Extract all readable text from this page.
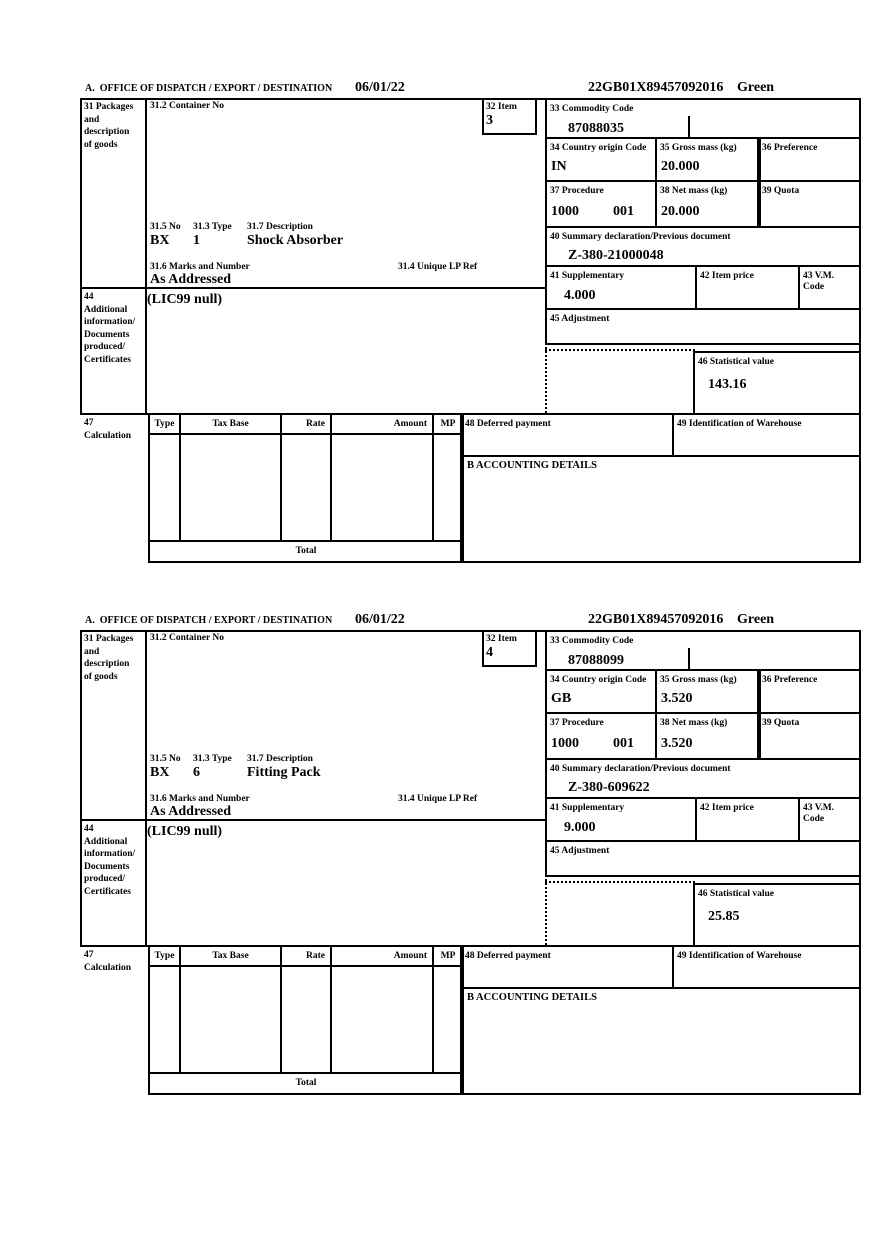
A.  OFFICE OF DISPATCH / EXPORT / DESTINATION 06/01/22	22GB01X89457092016 Green
31 Packages
and
description
of goods
31.2 Container No	32 Item
3
31.5 No 31.3 Type 31.7 Description
BX 1	Shock Absorber
31.6 Marks and Number	31.4 Unique LP Ref
As Addressed
44
Additional
information/
Documents
produced/
Certificates
(LIC99 null)
33 Commodity Code
87088035
34 Country origin Code
IN
35 Gross mass (kg)
20.000
36 Preference
37 Procedure
1000 001
38 Net mass (kg)
20.000
39 Quota
40 Summary declaration/Previous document
Z-380-21000048
41 Supplementary
4.000
42 Item price	43 V.M. Code
45 Adjustment
46 Statistical value
143.16
47
Calculation
Type	Tax Base	Rate	Amount	MP
Total
48 Deferred payment	49 Identification of Warehouse
B ACCOUNTING DETAILS
A.  OFFICE OF DISPATCH / EXPORT / DESTINATION 06/01/22	22GB01X89457092016 Green
31 Packages
and
description
of goods
31.2 Container No	32 Item
4
31.5 No 31.3 Type 31.7 Description
BX 6	Fitting Pack
31.6 Marks and Number	31.4 Unique LP Ref
As Addressed
44
Additional
information/
Documents
produced/
Certificates
(LIC99 null)
33 Commodity Code
87088099
34 Country origin Code
GB
35 Gross mass (kg)
3.520
36 Preference
37 Procedure
1000 001
38 Net mass (kg)
3.520
39 Quota
40 Summary declaration/Previous document
Z-380-609622
41 Supplementary
9.000
42 Item price	43 V.M. Code
45 Adjustment
46 Statistical value
25.85
47
Calculation
Type	Tax Base	Rate	Amount	MP
Total
48 Deferred payment	49 Identification of Warehouse
B ACCOUNTING DETAILS
